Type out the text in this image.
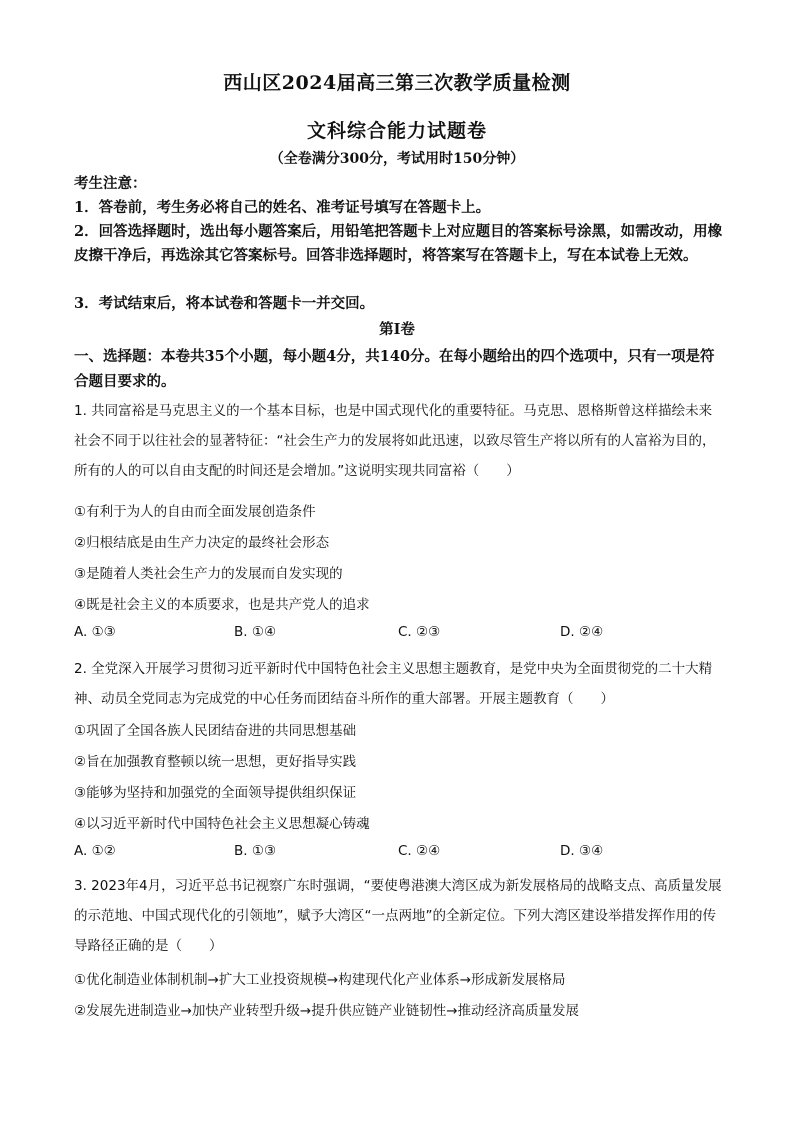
西山区2024届高三第三次教学质量检测
文科综合能力试题卷
（全卷满分300分，考试用时150分钟）
考生注意：
1．答卷前，考生务必将自己的姓名、准考证号填写在答题卡上。
2．回答选择题时，选出每小题答案后，用铅笔把答题卡上对应题目的答案标号涂黑，如需改动，用橡皮擦干净后，再选涂其它答案标号。回答非选择题时，将答案写在答题卡上，写在本试卷上无效。
3．考试结束后，将本试卷和答题卡一并交回。
第Ⅰ卷
一、选择题：本卷共35个小题，每小题4分，共140分。在每小题给出的四个选项中，只有一项是符合题目要求的。
1. 共同富裕是马克思主义的一个基本目标，也是中国式现代化的重要特征。马克思、恩格斯曾这样描绘未来社会不同于以往社会的显著特征：“社会生产力的发展将如此迅速，以致尽管生产将以所有的人富裕为目的，所有的人的可以自由支配的时间还是会增加。”这说明实现共同富裕（　　）
①有利于为人的自由而全面发展创造条件
②归根结底是由生产力决定的最终社会形态
③是随着人类社会生产力的发展而自发实现的
④既是社会主义的本质要求，也是共产党人的追求
A. ①③	B. ①④	C. ②③	D. ②④
2. 全党深入开展学习贯彻习近平新时代中国特色社会主义思想主题教育，是党中央为全面贯彻党的二十大精神、动员全党同志为完成党的中心任务而团结奋斗所作的重大部署。开展主题教育（　　）
①巩固了全国各族人民团结奋进的共同思想基础
②旨在加强教育整顿以统一思想，更好指导实践
③能够为坚持和加强党的全面领导提供组织保证
④以习近平新时代中国特色社会主义思想凝心铸魂
A. ①②	B. ①③	C. ②④	D. ③④
3. 2023年4月，习近平总书记视察广东时强调，“要使粤港澳大湾区成为新发展格局的战略支点、高质量发展的示范地、中国式现代化的引领地”，赋予大湾区“一点两地”的全新定位。下列大湾区建设举措发挥作用的传导路径正确的是（　　）
①优化制造业体制机制→扩大工业投资规模→构建现代化产业体系→形成新发展格局
②发展先进制造业→加快产业转型升级→提升供应链产业链韧性→推动经济高质量发展
